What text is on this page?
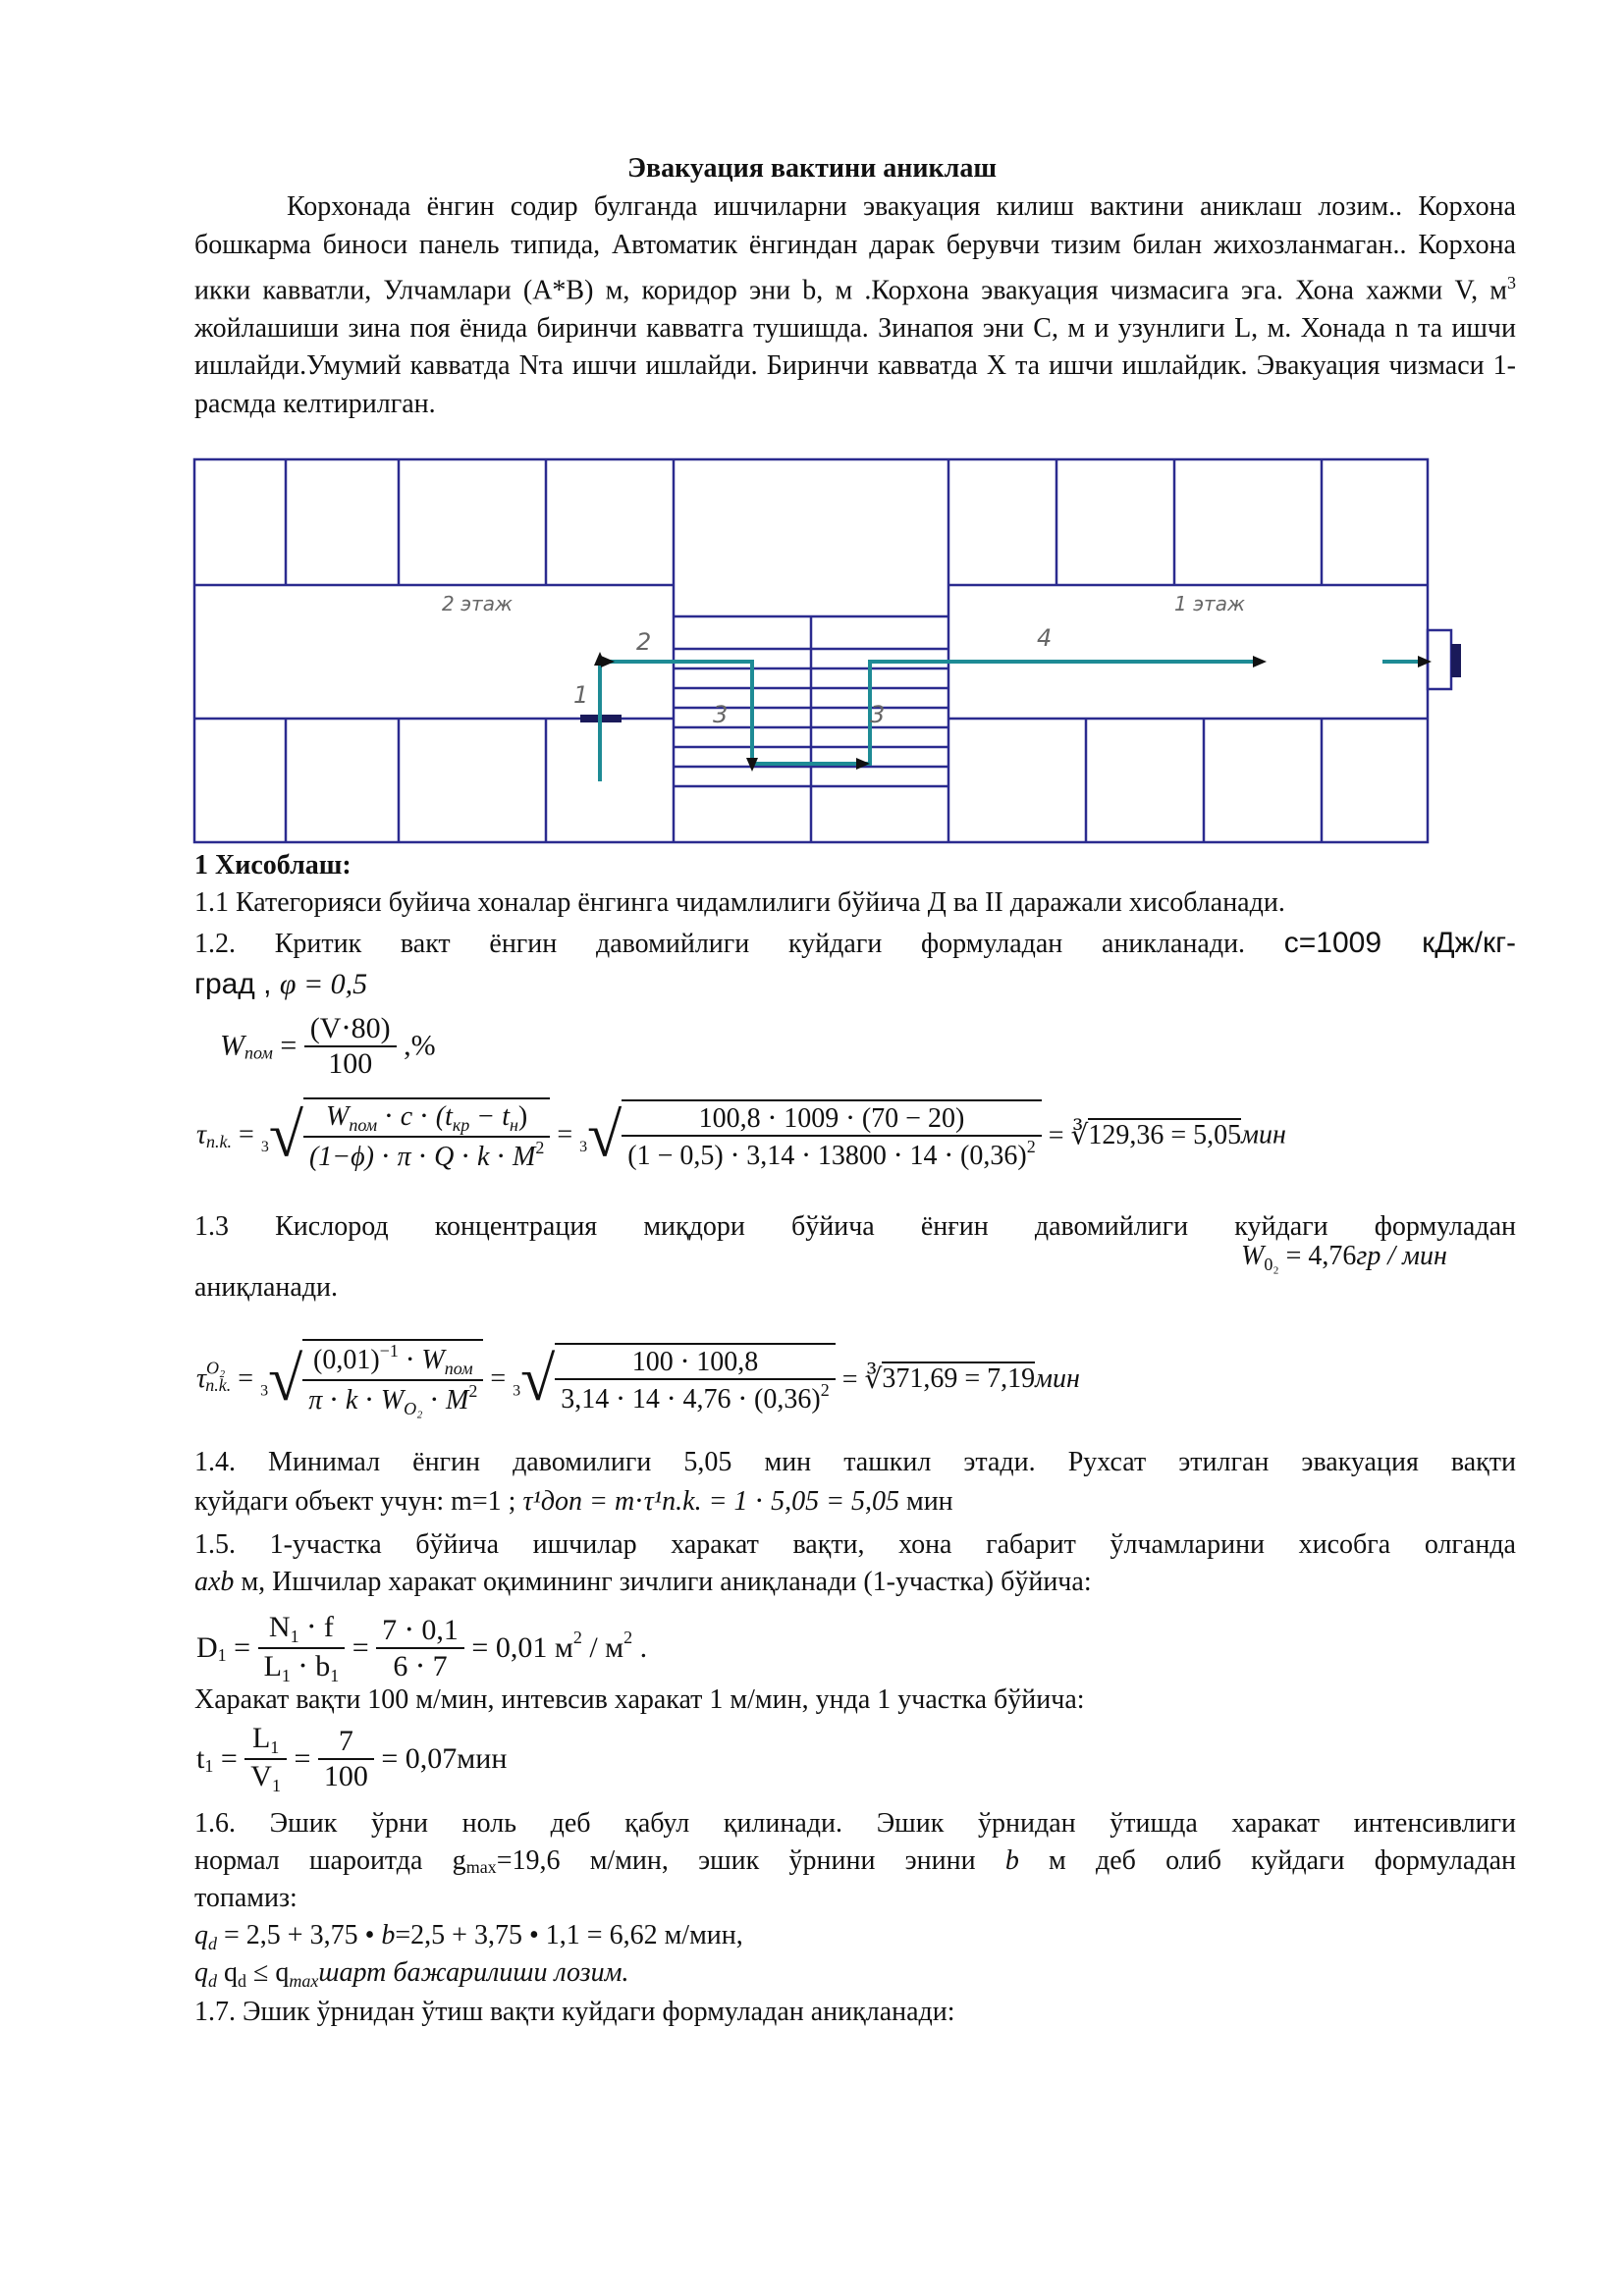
Эвакуация вактини аниклаш

Корхонада ёнгин содир булганда ишчиларни эвакуация килиш вактини аниклаш лозим.. Корхона бошкарма биноси панель типида, Автоматик ёнгиндан дарак берувчи тизим билан жихозланмаган.. Корхона икки кавватли, Улчамлари (А*В) м, коридор эни b, м .Корхона эвакуация чизмасига эга. Хона хажми V, $м^3$ жойлашиши зина поя ёнида биринчи кавватга тушишда. Зинапоя эни С, м и узунлиги L, м. Хонада n та ишчи ишлайди.Умумий кавватда Nта ишчи ишлайди. Биринчи кавватда X та ишчи ишлайдик. Эвакуация чизмаси 1-расмда келтирилган.

2 этаж	1 этаж
1
2
3	3
4
1 Хисоблаш:
1.1 Категорияси буйича хоналар ёнгинга чидамлилиги бўйича Д ва II даражали хисобланади.
1.2. Критик вакт ёнгин давомийлиги куйдаги формуладан аникланади. с=1009 кДж/кг-
град , φ = 0,5
$W_{пом} = \frac{(V\cdot 80)}{100}$ ,%
$\tau_{n.k.} = _3√ \frac{W_{пом} \cdot c \cdot (t_{кр} - t_н)}{(1-\phi) \cdot \pi \cdot Q \cdot k \cdot M^2} = _3√ \frac{100,8 \cdot 1009 \cdot (70 - 20)}{(1 - 0,5) \cdot 3,14 \cdot 13800 \cdot 14 \cdot (0,36)^2}$ = ∛129,36 = 5,05мин
1.3 Кислород концентрация миқдори бўйича ёнғин давомийлиги куйдаги формуладан
$W_{0_2} = 4,76гр$ / мин
аниқланади.
$\tau^{O_2}_{n.k.} = _3√ \frac{(0,01)^{-1} \cdot W_{пом}}{\pi \cdot k \cdot W_{O_2} \cdot M^2} = _3√ \frac{100 \cdot 100,8}{3,14 \cdot 14 \cdot 4,76 \cdot (0,36)^2}$ = ∛371,69 = 7,19мин
1.4. Минимал ёнгин давомилиги 5,05 мин ташкил этади. Рухсат этилган эвакуация вақти
куйдаги объект учун: m=1 ; τ¹доп = m⋅τ¹n.k. = 1 ⋅ 5,05 = 5,05 мин
1.5. 1-участка бўйича ишчилар харакат вақти, хона габарит ўлчамларини хисобга олганда
axb м, Ишчилар харакат оқимининг зичлиги аниқланади (1-участка) бўйича:
$D_1 = \frac{N_1 \cdot f}{L_1 \cdot b_1} = \frac{7 \cdot 0,1}{6 \cdot 7} = 0,01$ $м^2 / м^2$ .
Харакат вақти 100 м/мин, интевсив харакат 1 м/мин, унда 1 участка бўйича:
$t_1 = \frac{L_1}{V_1} = \frac{7}{100} = 0,07мин$
1.6. Эшик ўрни ноль деб қабул қилинади. Эшик ўрнидан ўтишда харакат интенсивлиги
нормал шароитда gmax=19,6 м/мин, эшик ўрнини энини b м деб олиб куйдаги формуладан
топамиз:
$q_d = 2,5 + 3,75$ • b=2,5 + 3,75 • 1,1 = 6,62 м/мин,
$q_d$ $q_d$ ≤ $q_{max}шарт$ бажарилиши лозим.
1.7. Эшик ўрнидан ўтиш вақти куйдаги формуладан аниқланади:
